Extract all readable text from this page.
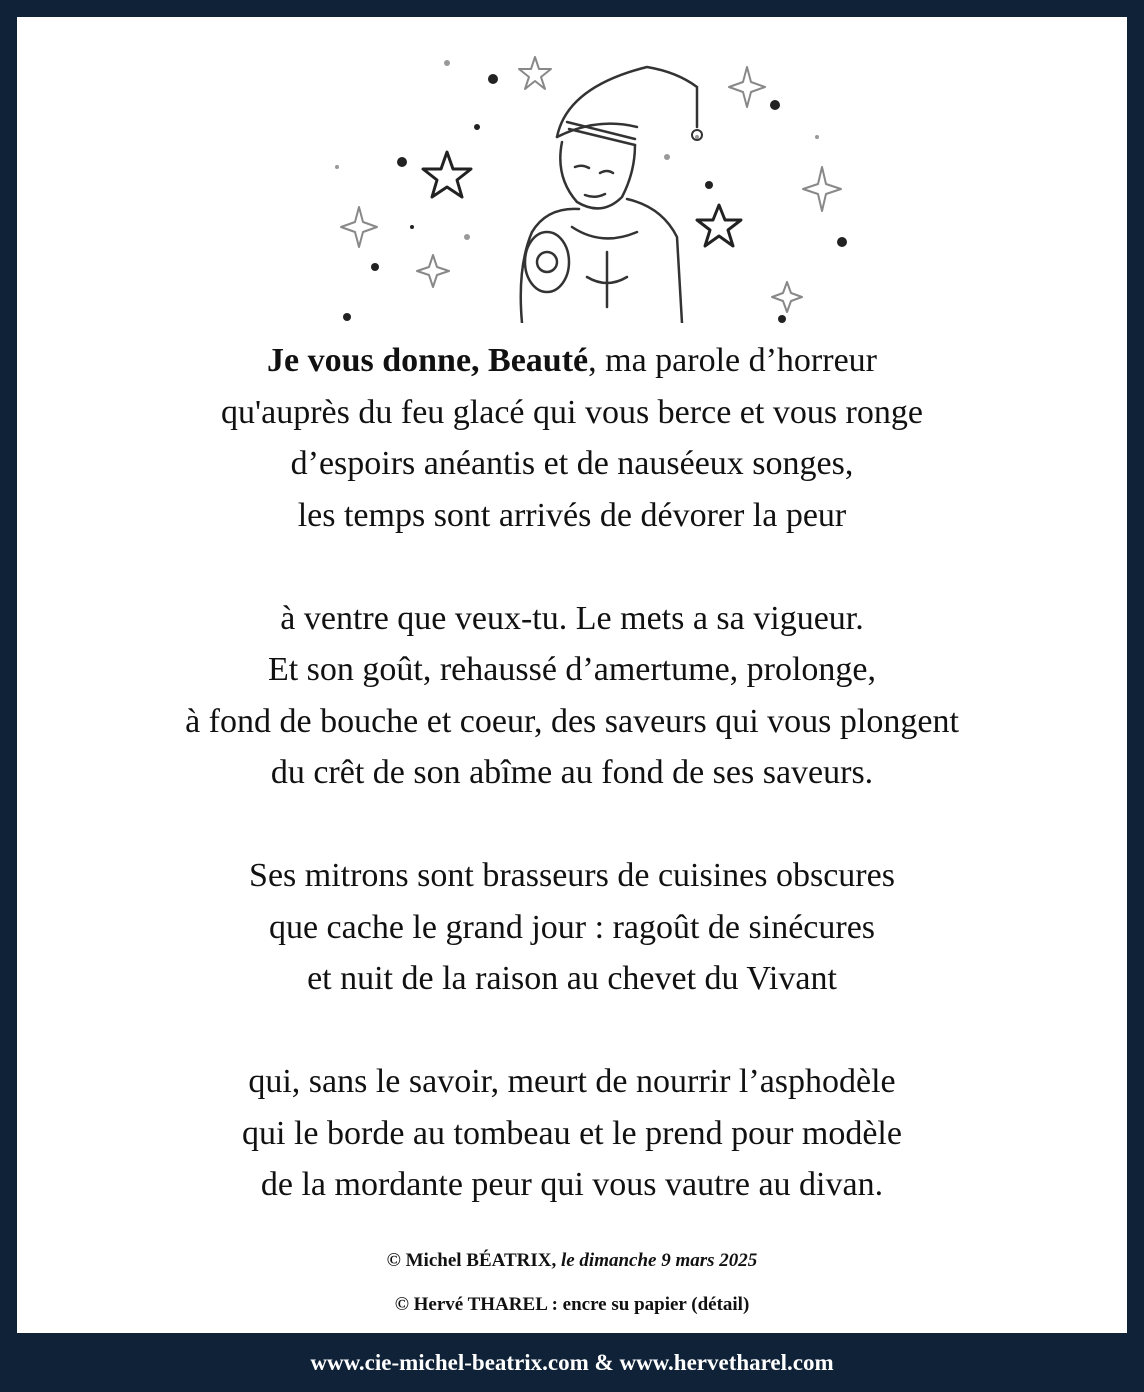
Je vous donne, Beauté, ma parole d’horreur
qu'auprès du feu glacé qui vous berce et vous ronge
d’espoirs anéantis et de nauséeux songes,
les temps sont arrivés de dévorer la peur
à ventre que veux-tu. Le mets a sa vigueur.
Et son goût, rehaussé d’amertume, prolonge,
à fond de bouche et coeur, des saveurs qui vous plongent
du crêt de son abîme au fond de ses saveurs.
Ses mitrons sont brasseurs de cuisines obscures
que cache le grand jour : ragoût de sinécures
et nuit de la raison au chevet du Vivant
qui, sans le savoir, meurt de nourrir l’asphodèle
qui le borde au tombeau et le prend pour modèle
de la mordante peur qui vous vautre au divan.
© Michel BÉATRIX, le dimanche 9 mars 2025
© Hervé THAREL : encre su papier (détail)
www.cie-michel-beatrix.com & www.hervetharel.com
